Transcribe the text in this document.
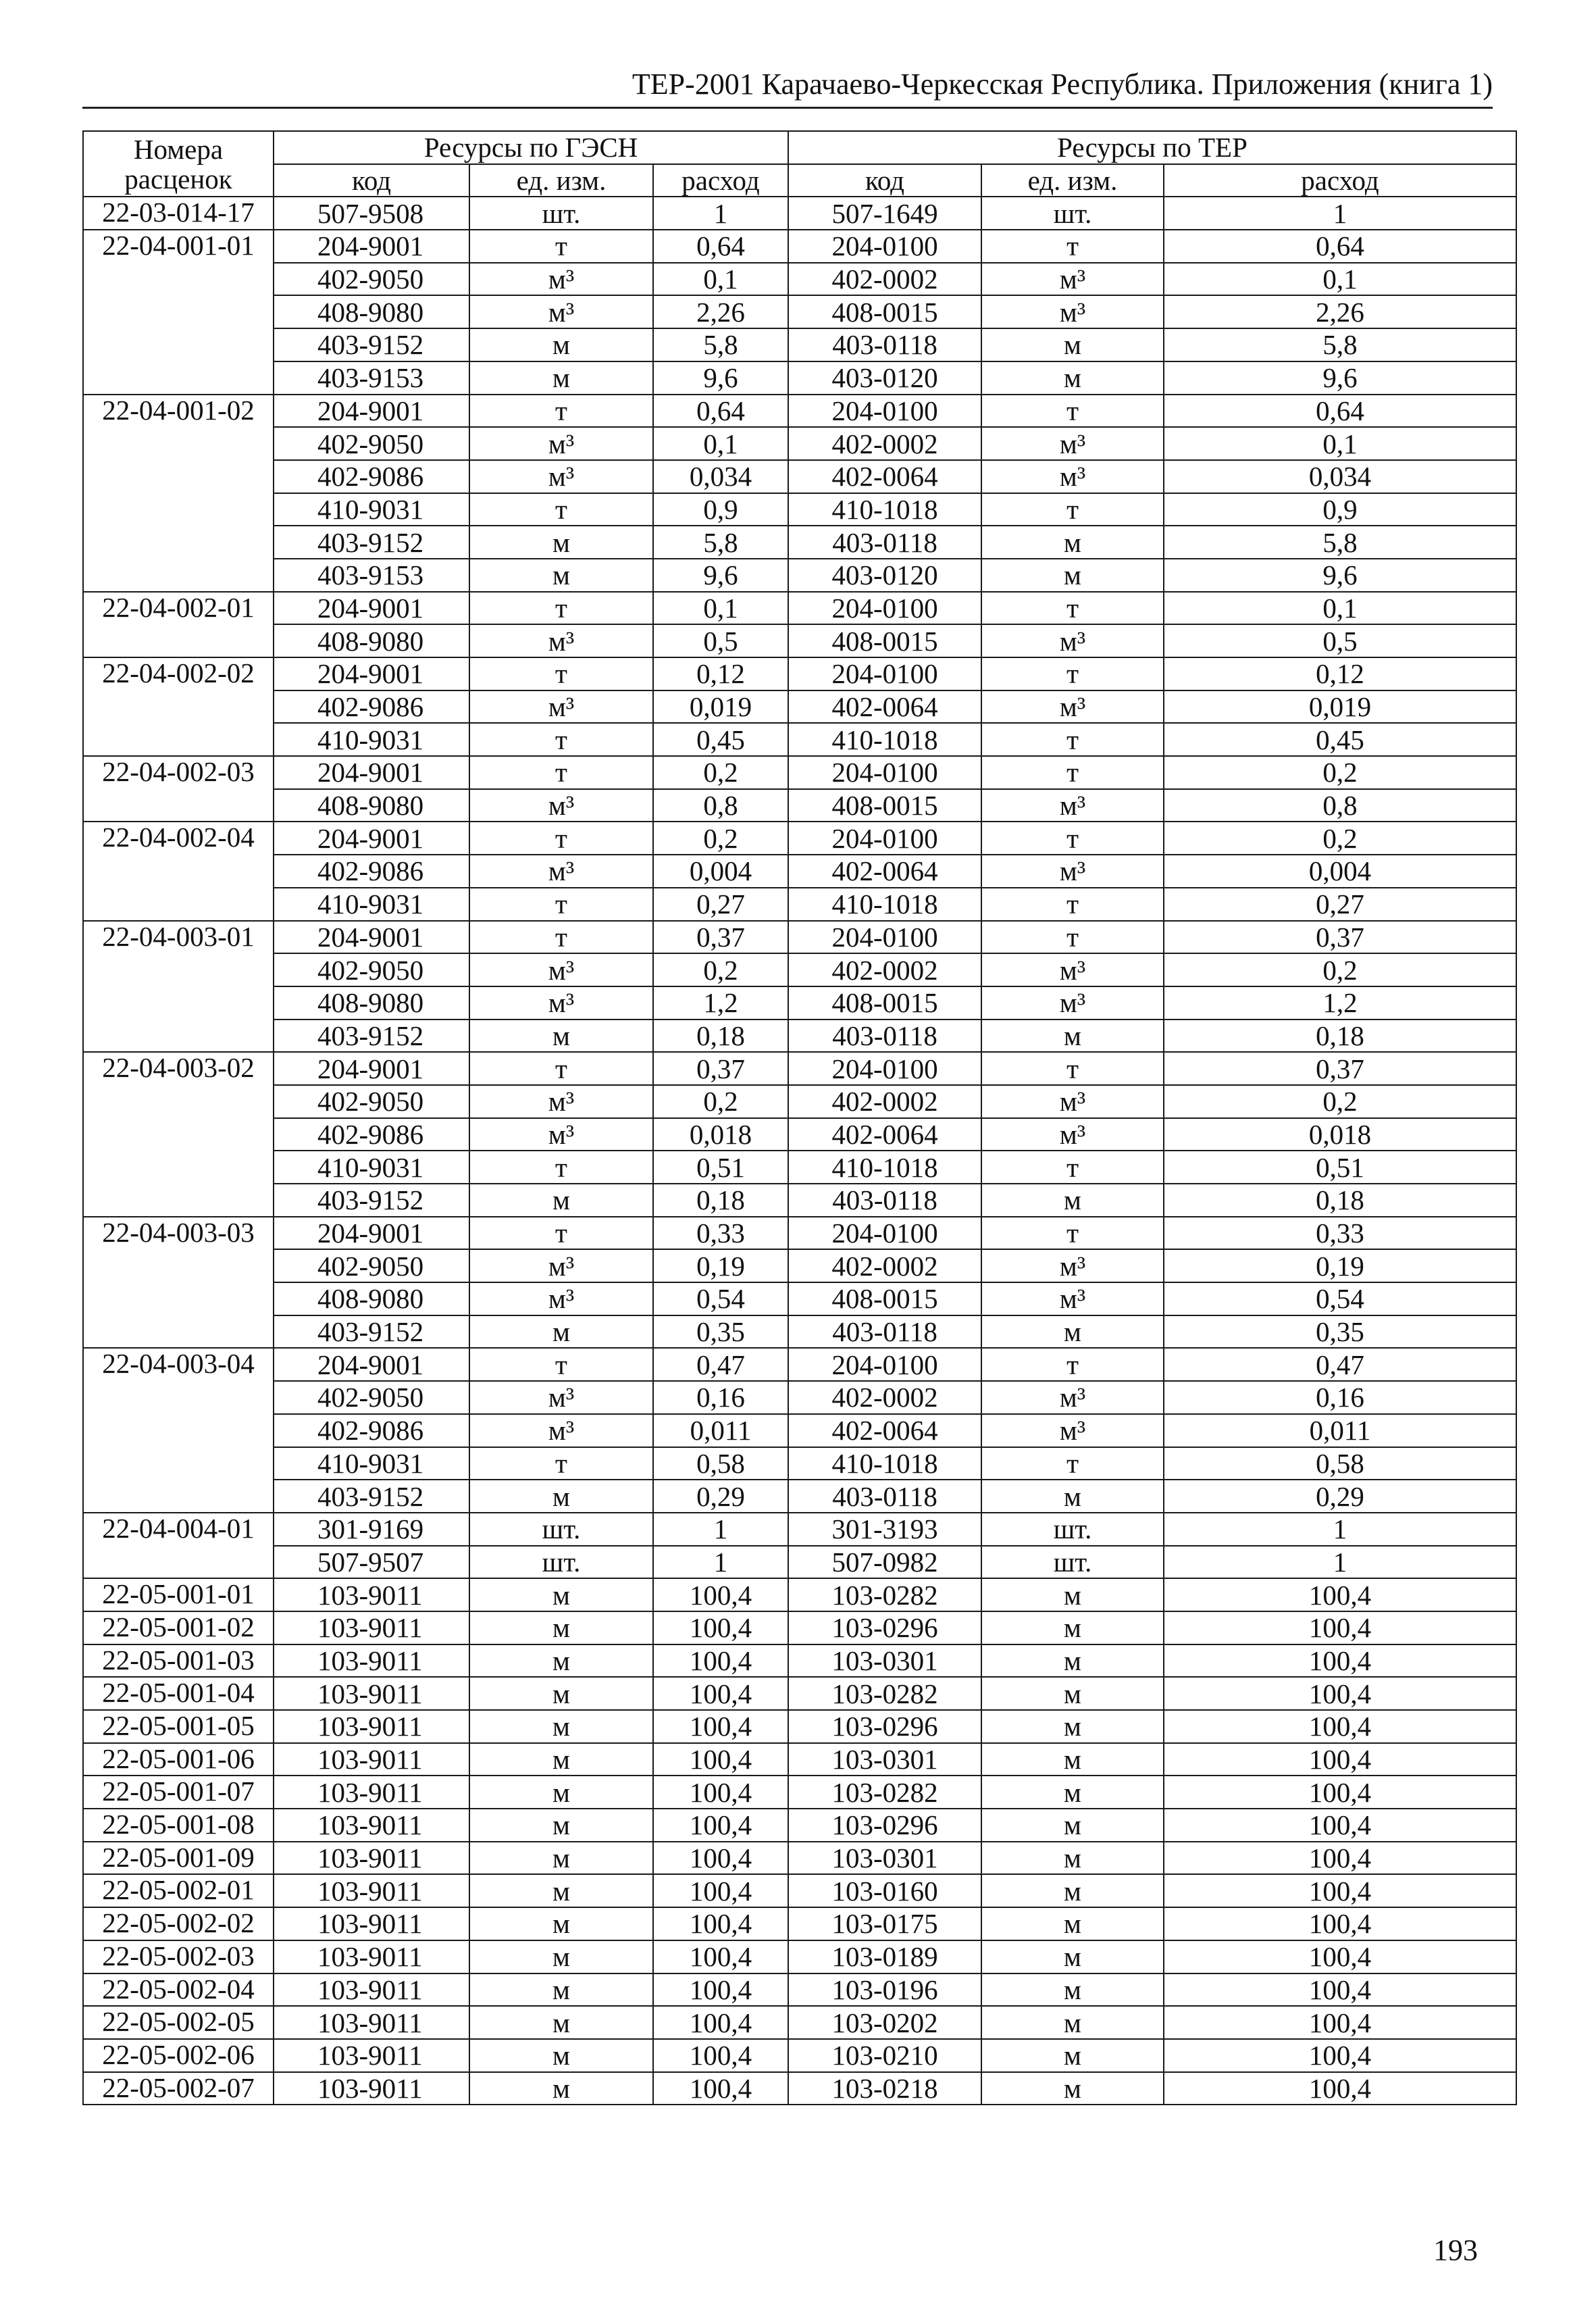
ТЕР-2001 Карачаево-Черкесская Республика. Приложения (книга 1)
Номера расценок	Ресурсы по ГЭСН			Ресурсы по ТЕР		
	код	ед. изм.	расход	код	ед. изм.	расход
22-03-014-17	507-9508	шт.	1	507-1649	шт.	1
22-04-001-01	204-9001	т	0,64	204-0100	т	0,64
	402-9050	м³	0,1	402-0002	м³	0,1
	408-9080	м³	2,26	408-0015	м³	2,26
	403-9152	м	5,8	403-0118	м	5,8
	403-9153	м	9,6	403-0120	м	9,6
22-04-001-02	204-9001	т	0,64	204-0100	т	0,64
	402-9050	м³	0,1	402-0002	м³	0,1
	402-9086	м³	0,034	402-0064	м³	0,034
	410-9031	т	0,9	410-1018	т	0,9
	403-9152	м	5,8	403-0118	м	5,8
	403-9153	м	9,6	403-0120	м	9,6
22-04-002-01	204-9001	т	0,1	204-0100	т	0,1
	408-9080	м³	0,5	408-0015	м³	0,5
22-04-002-02	204-9001	т	0,12	204-0100	т	0,12
	402-9086	м³	0,019	402-0064	м³	0,019
	410-9031	т	0,45	410-1018	т	0,45
22-04-002-03	204-9001	т	0,2	204-0100	т	0,2
	408-9080	м³	0,8	408-0015	м³	0,8
22-04-002-04	204-9001	т	0,2	204-0100	т	0,2
	402-9086	м³	0,004	402-0064	м³	0,004
	410-9031	т	0,27	410-1018	т	0,27
22-04-003-01	204-9001	т	0,37	204-0100	т	0,37
	402-9050	м³	0,2	402-0002	м³	0,2
	408-9080	м³	1,2	408-0015	м³	1,2
	403-9152	м	0,18	403-0118	м	0,18
22-04-003-02	204-9001	т	0,37	204-0100	т	0,37
	402-9050	м³	0,2	402-0002	м³	0,2
	402-9086	м³	0,018	402-0064	м³	0,018
	410-9031	т	0,51	410-1018	т	0,51
	403-9152	м	0,18	403-0118	м	0,18
22-04-003-03	204-9001	т	0,33	204-0100	т	0,33
	402-9050	м³	0,19	402-0002	м³	0,19
	408-9080	м³	0,54	408-0015	м³	0,54
	403-9152	м	0,35	403-0118	м	0,35
22-04-003-04	204-9001	т	0,47	204-0100	т	0,47
	402-9050	м³	0,16	402-0002	м³	0,16
	402-9086	м³	0,011	402-0064	м³	0,011
	410-9031	т	0,58	410-1018	т	0,58
	403-9152	м	0,29	403-0118	м	0,29
22-04-004-01	301-9169	шт.	1	301-3193	шт.	1
	507-9507	шт.	1	507-0982	шт.	1
22-05-001-01	103-9011	м	100,4	103-0282	м	100,4
22-05-001-02	103-9011	м	100,4	103-0296	м	100,4
22-05-001-03	103-9011	м	100,4	103-0301	м	100,4
22-05-001-04	103-9011	м	100,4	103-0282	м	100,4
22-05-001-05	103-9011	м	100,4	103-0296	м	100,4
22-05-001-06	103-9011	м	100,4	103-0301	м	100,4
22-05-001-07	103-9011	м	100,4	103-0282	м	100,4
22-05-001-08	103-9011	м	100,4	103-0296	м	100,4
22-05-001-09	103-9011	м	100,4	103-0301	м	100,4
22-05-002-01	103-9011	м	100,4	103-0160	м	100,4
22-05-002-02	103-9011	м	100,4	103-0175	м	100,4
22-05-002-03	103-9011	м	100,4	103-0189	м	100,4
22-05-002-04	103-9011	м	100,4	103-0196	м	100,4
22-05-002-05	103-9011	м	100,4	103-0202	м	100,4
22-05-002-06	103-9011	м	100,4	103-0210	м	100,4
22-05-002-07	103-9011	м	100,4	103-0218	м	100,4
193
